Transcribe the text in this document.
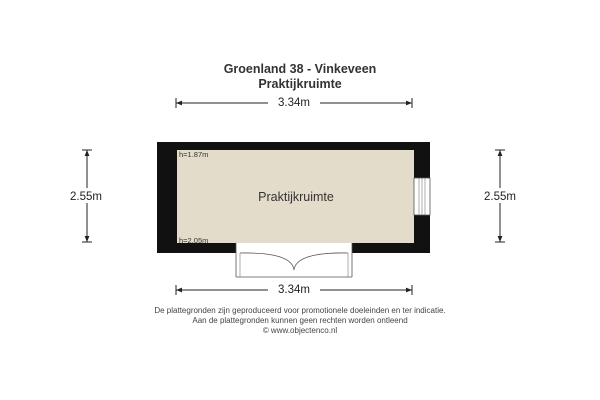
Groenland 38 - Vinkeveen
Praktijkruimte
3.34m
3.34m
2.55m	2.55m
h=1.87m
h=2.05m
Praktijkruimte
De plattegronden zijn geproduceerd voor promotionele doeleinden en ter indicatie.
Aan de plattegronden kunnen geen rechten worden ontleend
© www.objectenco.nl
